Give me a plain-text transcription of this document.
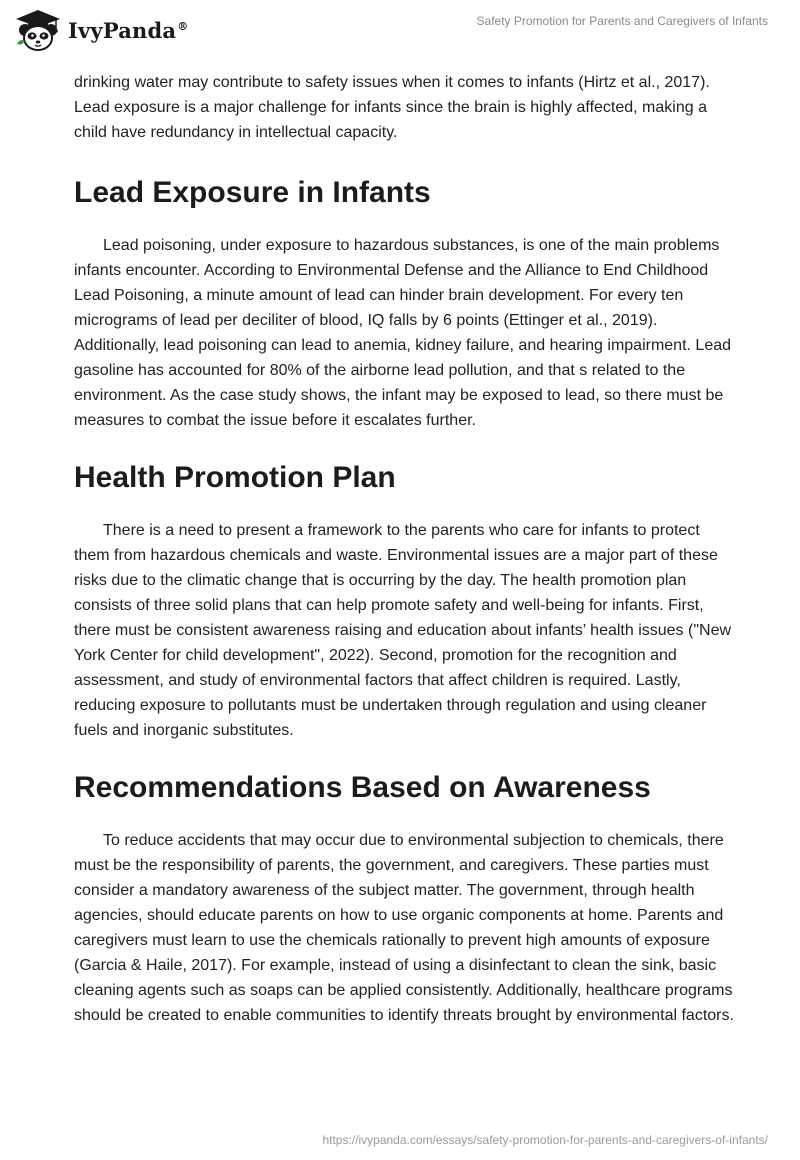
IvyPanda®	Safety Promotion for Parents and Caregivers of Infants

drinking water may contribute to safety issues when it comes to infants (Hirtz et al., 2017). Lead exposure is a major challenge for infants since the brain is highly affected, making a child have redundancy in intellectual capacity.

Lead Exposure in Infants

Lead poisoning, under exposure to hazardous substances, is one of the main problems infants encounter. According to Environmental Defense and the Alliance to End Childhood Lead Poisoning, a minute amount of lead can hinder brain development. For every ten micrograms of lead per deciliter of blood, IQ falls by 6 points (Ettinger et al., 2019). Additionally, lead poisoning can lead to anemia, kidney failure, and hearing impairment. Lead gasoline has accounted for 80% of the airborne lead pollution, and that s related to the environment. As the case study shows, the infant may be exposed to lead, so there must be measures to combat the issue before it escalates further.

Health Promotion Plan

There is a need to present a framework to the parents who care for infants to protect them from hazardous chemicals and waste. Environmental issues are a major part of these risks due to the climatic change that is occurring by the day. The health promotion plan consists of three solid plans that can help promote safety and well-being for infants. First, there must be consistent awareness raising and education about infants’ health issues ("New York Center for child development", 2022). Second, promotion for the recognition and assessment, and study of environmental factors that affect children is required. Lastly, reducing exposure to pollutants must be undertaken through regulation and using cleaner fuels and inorganic substitutes.

Recommendations Based on Awareness

To reduce accidents that may occur due to environmental subjection to chemicals, there must be the responsibility of parents, the government, and caregivers. These parties must consider a mandatory awareness of the subject matter. The government, through health agencies, should educate parents on how to use organic components at home. Parents and caregivers must learn to use the chemicals rationally to prevent high amounts of exposure (Garcia & Haile, 2017). For example, instead of using a disinfectant to clean the sink, basic cleaning agents such as soaps can be applied consistently. Additionally, healthcare programs should be created to enable communities to identify threats brought by environmental factors.

https://ivypanda.com/essays/safety-promotion-for-parents-and-caregivers-of-infants/
